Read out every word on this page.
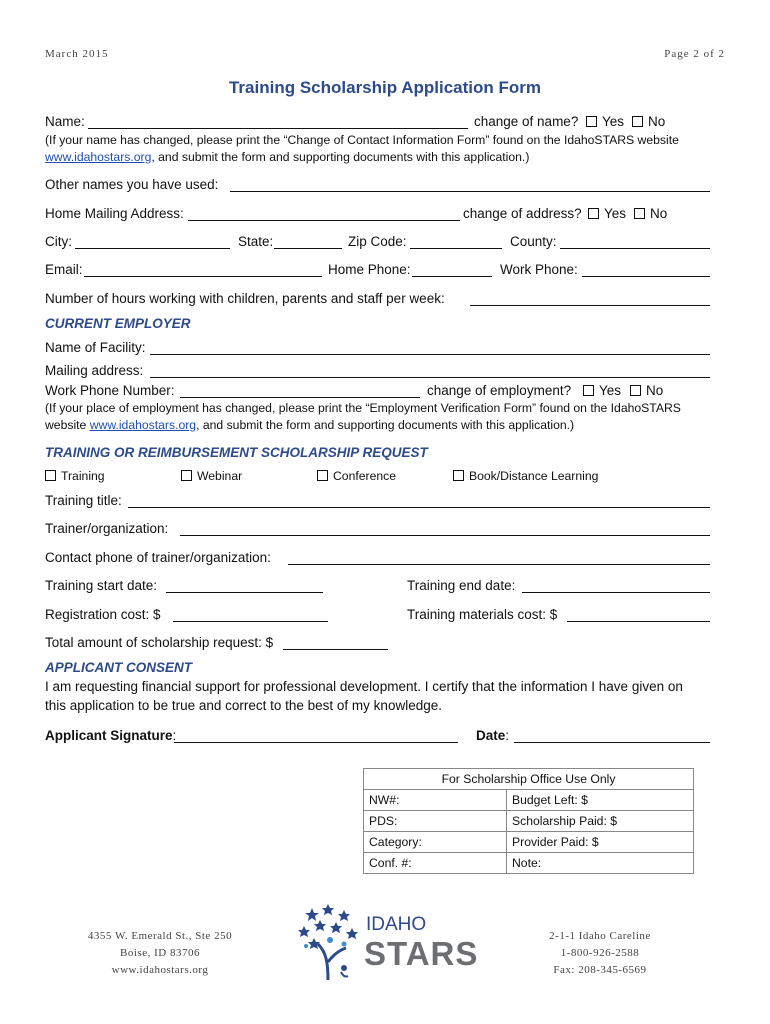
March 2015	Page 2 of 2
Training Scholarship Application Form
Name:	change of name?	Yes	No
(If your name has changed, please print the “Change of Contact Information Form” found on the IdahoSTARS website
www.idahostars.org, and submit the form and supporting documents with this application.)
Other names you have used:
Home Mailing Address:	change of address?	Yes	No
City:	State:	Zip Code:	County:
Email:	Home Phone:	Work Phone:
Number of hours working with children, parents and staff per week:
CURRENT EMPLOYER
Name of Facility:
Mailing address:
Work Phone Number:	change of employment?	Yes	No
(If your place of employment has changed, please print the “Employment Verification Form” found on the IdahoSTARS
website www.idahostars.org, and submit the form and supporting documents with this application.)
TRAINING OR REIMBURSEMENT SCHOLARSHIP REQUEST
Training	Webinar	Conference	Book/Distance Learning
Training title:
Trainer/organization:
Contact phone of trainer/organization:
Training start date:	Training end date:
Registration cost: $	Training materials cost: $
Total amount of scholarship request: $
APPLICANT CONSENT
I am requesting financial support for professional development. I certify that the information I have given on
this application to be true and correct to the best of my knowledge.
Applicant Signature:	Date:
For Scholarship Office Use Only	
NW#:	Budget Left: $
PDS:	Scholarship Paid: $
Category:	Provider Paid: $
Conf. #:	Note:
4355 W. Emerald St., Ste 250
Boise, ID 83706
www.idahostars.org
IDAHO
STARS	2-1-1 Idaho Careline
1-800-926-2588
Fax: 208-345-6569
